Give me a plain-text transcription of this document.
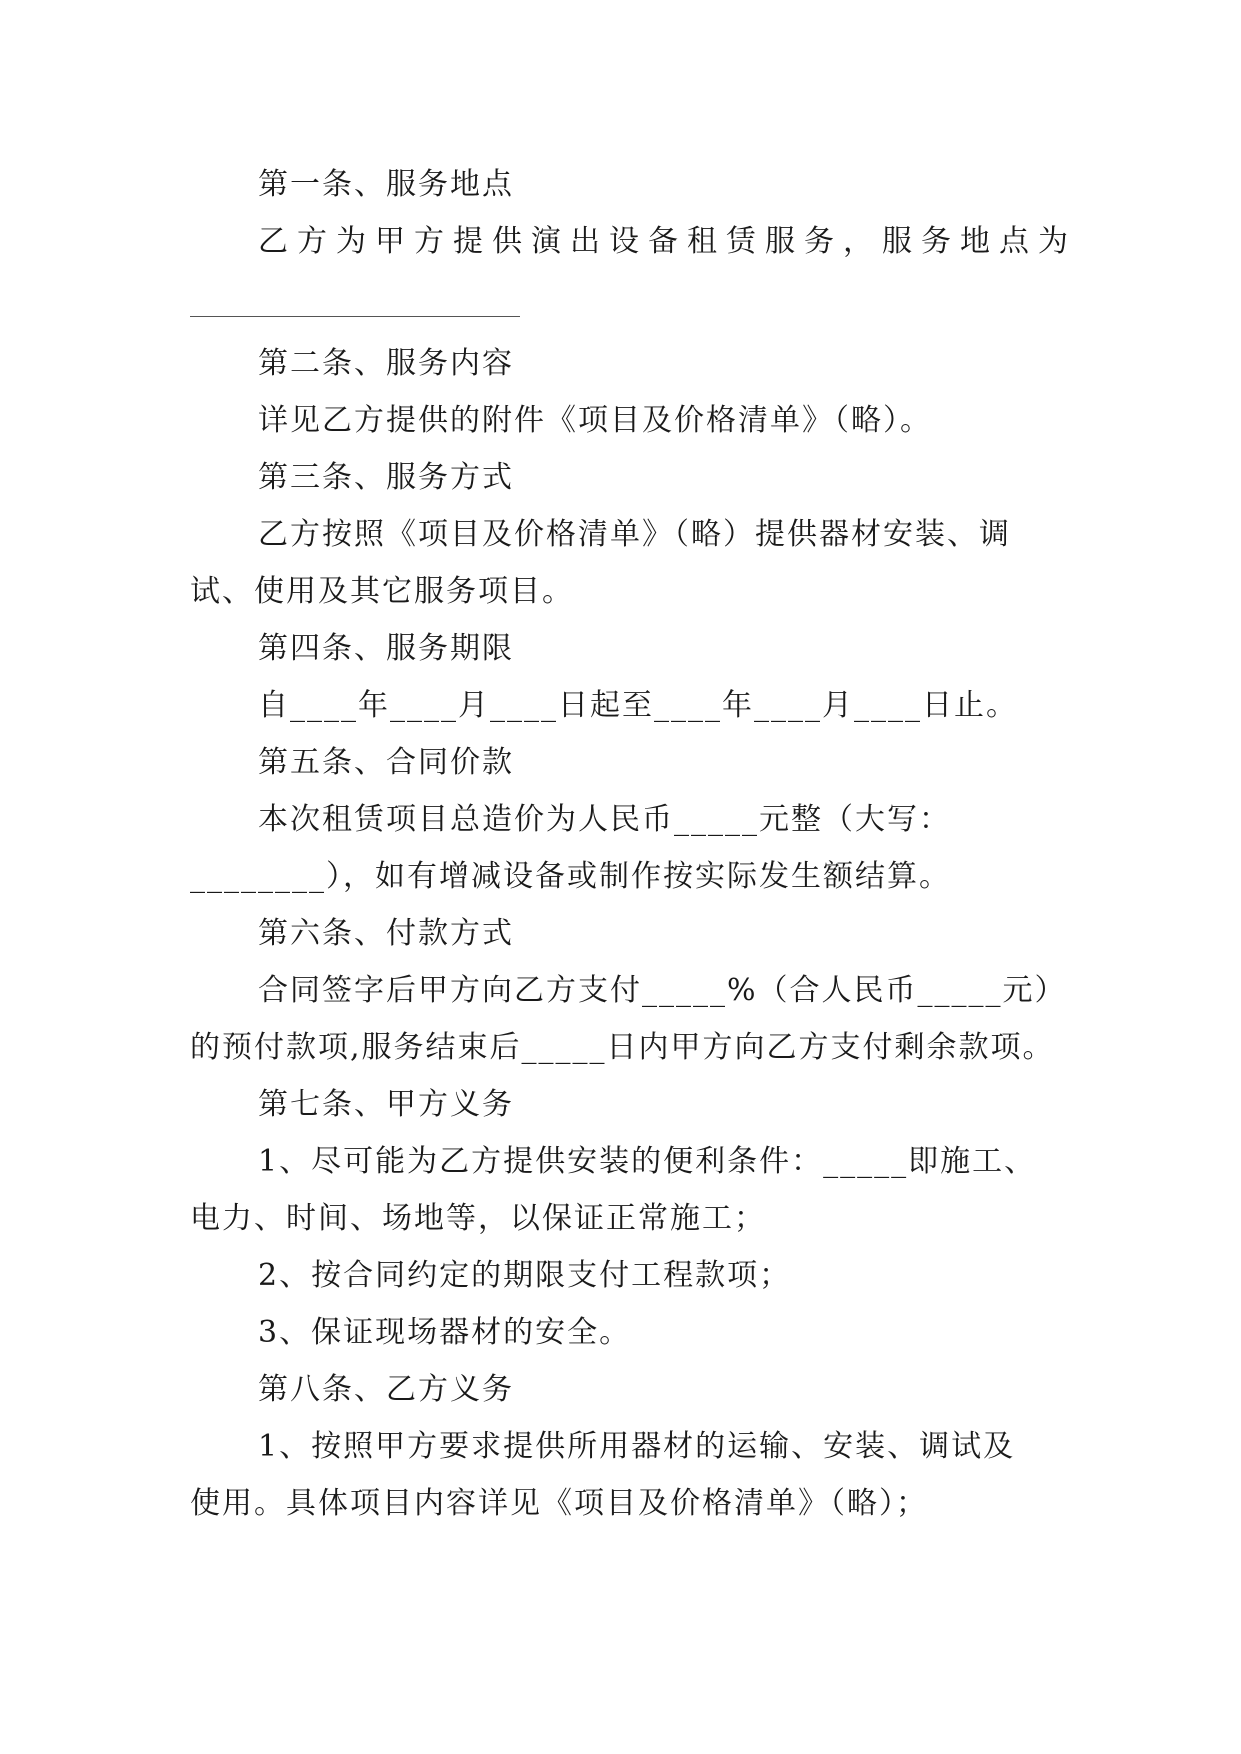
第一条、服务地点
乙方为甲方提供演出设备租赁服务，服务地点为
第二条、服务内容
详见乙方提供的附件《项目及价格清单》（略）。
第三条、服务方式
乙方按照《项目及价格清单》（略）提供器材安装、调
试、使用及其它服务项目。
第四条、服务期限
自____年____月____日起至____年____月____日止。
第五条、合同价款
本次租赁项目总造价为人民币_____元整（大写：
________），如有增减设备或制作按实际发生额结算。
第六条、付款方式
合同签字后甲方向乙方支付_____%（合人民币_____元）
的预付款项,服务结束后_____日内甲方向乙方支付剩余款项。
第七条、甲方义务
1、尽可能为乙方提供安装的便利条件：_____即施工、
电力、时间、场地等，以保证正常施工；
2、按合同约定的期限支付工程款项；
3、保证现场器材的安全。
第八条、乙方义务
1、按照甲方要求提供所用器材的运输、安装、调试及
使用。具体项目内容详见《项目及价格清单》（略）；
